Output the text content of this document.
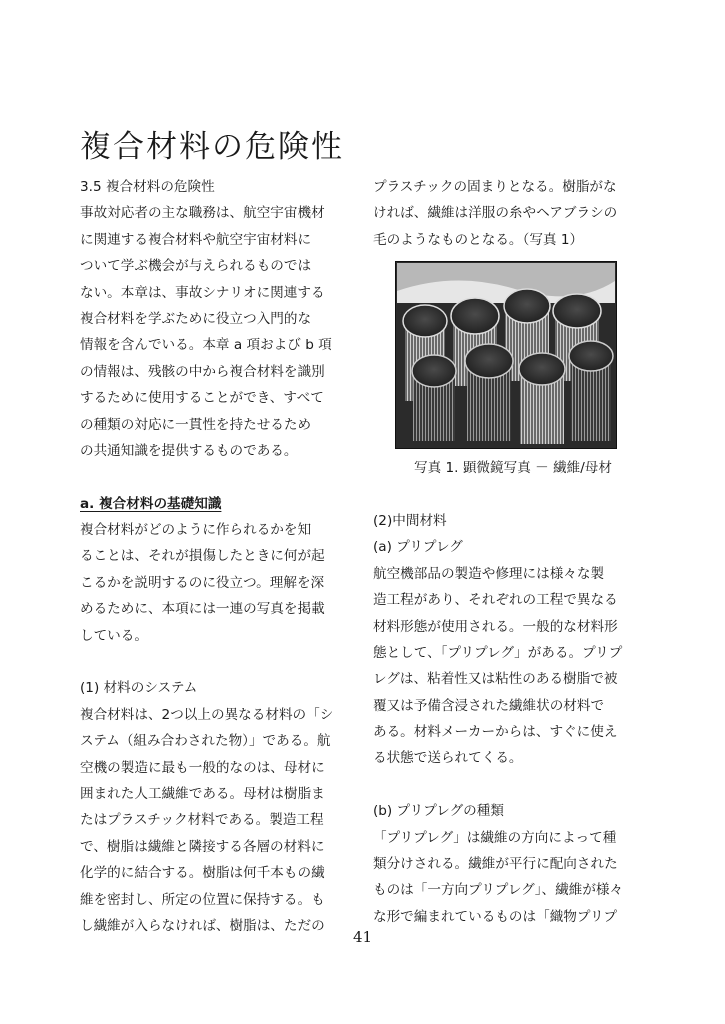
複合材料の危険性
3.5 複合材料の危険性
事故対応者の主な職務は、航空宇宙機材
に関連する複合材料や航空宇宙材料に
ついて学ぶ機会が与えられるものでは
ない。本章は、事故シナリオに関連する
複合材料を学ぶために役立つ入門的な
情報を含んでいる。本章 a 項および b 項
の情報は、残骸の中から複合材料を識別
するために使用することができ、すべて
の種類の対応に一貫性を持たせるため
の共通知識を提供するものである。
a. 複合材料の基礎知識
複合材料がどのように作られるかを知
ることは、それが損傷したときに何が起
こるかを説明するのに役立つ。理解を深
めるために、本項には一連の写真を掲載
している。
(1) 材料のシステム
複合材料は、2つ以上の異なる材料の「シ
ステム（組み合わされた物）」である。航
空機の製造に最も一般的なのは、母材に
囲まれた人工繊維である。母材は樹脂ま
たはプラスチック材料である。製造工程
で、樹脂は繊維と隣接する各層の材料に
化学的に結合する。樹脂は何千本もの繊
維を密封し、所定の位置に保持する。も
し繊維が入らなければ、樹脂は、ただの
プラスチックの固まりとなる。樹脂がな
ければ、繊維は洋服の糸やヘアブラシの
毛のようなものとなる。（写真 1）
写真 1. 顕微鏡写真 － 繊維/母材
(2)中間材料
(a) プリプレグ
航空機部品の製造や修理には様々な製
造工程があり、それぞれの工程で異なる
材料形態が使用される。一般的な材料形
態として、「プリプレグ」がある。プリプ
レグは、粘着性又は粘性のある樹脂で被
覆又は予備含浸された繊維状の材料で
ある。材料メーカーからは、すぐに使え
る状態で送られてくる。
(b) プリプレグの種類
「プリプレグ」は繊維の方向によって種
類分けされる。繊維が平行に配向された
ものは「一方向プリプレグ」、繊維が様々
な形で編まれているものは「織物プリプ
41
